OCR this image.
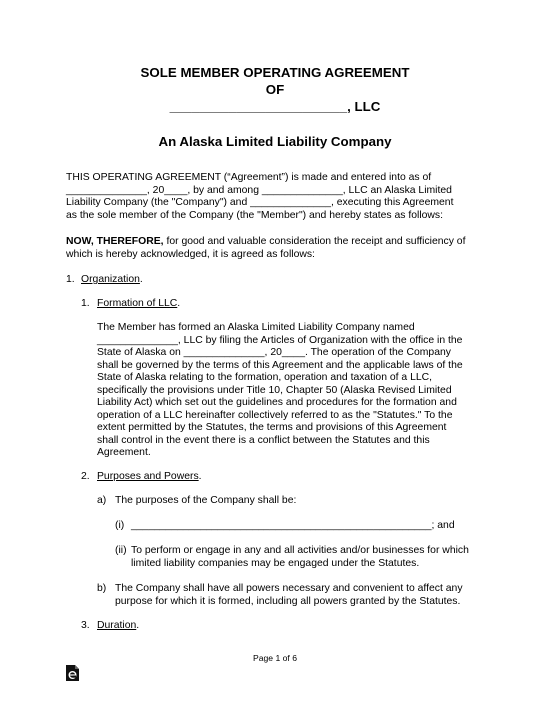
SOLE MEMBER OPERATING AGREEMENT
OF
________________________, LLC
An Alaska Limited Liability Company
THIS OPERATING AGREEMENT (“Agreement”) is made and entered into as of
______________, 20____, by and among ______________, LLC an Alaska Limited
Liability Company (the "Company") and ______________, executing this Agreement
as the sole member of the Company (the "Member") and hereby states as follows:
NOW, THEREFORE, for good and valuable consideration the receipt and sufficiency of
which is hereby acknowledged, it is agreed as follows:
1. Organization.
1. Formation of LLC.
The Member has formed an Alaska Limited Liability Company named
______________, LLC by filing the Articles of Organization with the office in the
State of Alaska on ______________, 20____. The operation of the Company
shall be governed by the terms of this Agreement and the applicable laws of the
State of Alaska relating to the formation, operation and taxation of a LLC,
specifically the provisions under Title 10, Chapter 50 (Alaska Revised Limited
Liability Act) which set out the guidelines and procedures for the formation and
operation of a LLC hereinafter collectively referred to as the "Statutes." To the
extent permitted by the Statutes, the terms and provisions of this Agreement
shall control in the event there is a conflict between the Statutes and this
Agreement.
2. Purposes and Powers.
a) The purposes of the Company shall be:
(i) ____________________________________________________; and
(ii) To perform or engage in any and all activities and/or businesses for which
limited liability companies may be engaged under the Statutes.
b) The Company shall have all powers necessary and convenient to affect any
purpose for which it is formed, including all powers granted by the Statutes.
3. Duration.
Page 1 of 6
